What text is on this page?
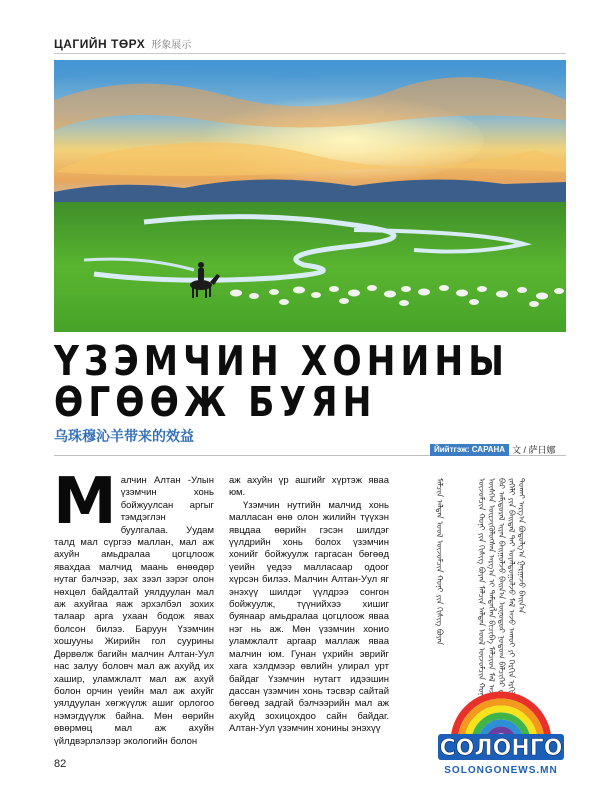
ЦАГИЙН ТӨРХ 形象展示
ҮЗЭМЧИН ХОНИНЫ
ӨГӨӨЖ БУЯН
乌珠穆沁羊带来的效益
Йийтгэж: САРАНА 文 / 萨日娜

Малчин Алтан -Улын үзэмчин хонь бойжуулсан аргыг тэмдэглэн буулгалаа. Уудам талд мал сүргээ маллан, мал аж ахуйн амьдралаа цогцлоож явахдаа малчид маань өнөөдөр нутаг бэлчээр, зах зээл зэрэг олон нөхцөл байдалтай уялдуулан мал аж ахуйгаа яаж эрхэлбэл зохих талаар арга ухаан бодож явах болсон билээ. Баруун Үзэмчин хошууны Жирийн гол суурины Дөрвөлж багийн малчин Алтан-Уул нас залуу боловч мал аж ахуйд их хашир, уламжлалт мал аж ахуй болон орчин үеийн мал аж ахуйг уялдуулан хөгжүүлж ашиг орлогоо нэмэгдүүлж байна. Мөн өөрийн өвөрмөц мал аж ахуйн үйлдвэрлэлээр экологийн болон

аж ахуйн үр ашгийг хүртэж яваа юм.

Үзэмчин нутгийн малчид хонь малласан өнө олон жилийн түүхэн явцдаа өөрийн гэсэн шилдэг үүлдрийн хонь болох үзэмчин хонийг бойжуулж гаргасан бөгөөд үеийн үедээ малласаар одоог хүрсэн билээ. Малчин Алтан-Уул яг энэхүү шилдэг үүлдрээ сонгон бойжуулж, түүнийхээ хишиг буянаар амьдралаа цогцлоож яваа нэг нь аж. Мөн үзэмчин хонио уламжлалт аргаар маллаж яваа малчин юм. Гунан үхрийн эврийг хага хэлдмээр өвлийн улирал урт байдаг Үзэмчин нутагт идээшин дассан үзэмчин хонь тэсвэр сайтай бөгөөд задгай бэлчээрийн мал аж ахуйд зохицохдоо сайн байдаг. Алтан-Уул үзэмчин хонины энэхүү

ᠮᠠᠯᠴᠢᠨ ᠠᠯᠲᠠᠨ ᠤᠤᠯ ᠦᠵᠦᠮᠴᠢᠨ ᠬᠣᠨᠢ ᠶᠢᠨ ᠬᠢᠰᠢᠭ ᠪᠤᠶᠠᠨ	ᠦᠵᠦᠮᠴᠢᠨ ᠬᠣᠨᠢ ᠶᠢᠨ ᠬᠢᠰᠢᠭ ᠪᠤᠶᠠᠨ ᠮᠠᠯᠴᠢᠨ ᠠᠯᠲᠠᠨ ᠤᠤᠯ ᠦᠵᠦᠮᠴᠢᠨ ᠬᠣᠨᠢ ᠥᠰᠬᠡᠨ ᠦᠷᠵᠢᠭᠦᠯᠦᠭᠰᠡᠨ ᠠᠷᠭ᠎ᠠ ᠢ ᠲᠡᠮᠳᠡᠭᠯᠡᠨ ᠪᠢᠴᠢᠪᠡ ᠮᠠᠯᠴᠢᠳ ᠮᠠᠯ ᠠᠵᠤ ᠠᠬᠤᠢ ᠪᠡᠷ ᠠᠮᠢᠳᠤᠷᠠᠯ ᠢᠶᠠᠨ ᠪᠠᠢᠭᠤᠯᠵᠤ ᠪᠠᠢᠨ᠎ᠠ ᠥᠨᠥᠳᠦᠷ ᠨᠤᠲᠤᠭ ᠪᠡᠯᠴᠢᠭᠡᠷ ᠵᠠᠬ᠎ᠠ ᠵᠡᠭᠡᠯᠢ ᠶᠢᠨ ᠪᠠᠢᠳᠠᠯ ᠲᠠᠢ ᠤᠶᠠᠯᠳᠤᠭᠤᠯᠵᠤ ᠮᠠᠯ ᠠᠵᠤ ᠠᠬᠤᠢ ᠶᠢ ᠬᠡᠷᠬᠢᠨ ᠡᠷᠬᠢᠯᠡᠬᠦ ᠲᠤᠬᠠᠢ ᠠᠷᠭ᠎ᠠ ᠪᠣᠳᠤᠯᠭ᠎ᠠ ᠭᠠᠷᠭᠠᠵᠤ ᠪᠠᠢᠨ᠎ᠠ
82
СОЛОНГО
SOLONGONEWS.MN
